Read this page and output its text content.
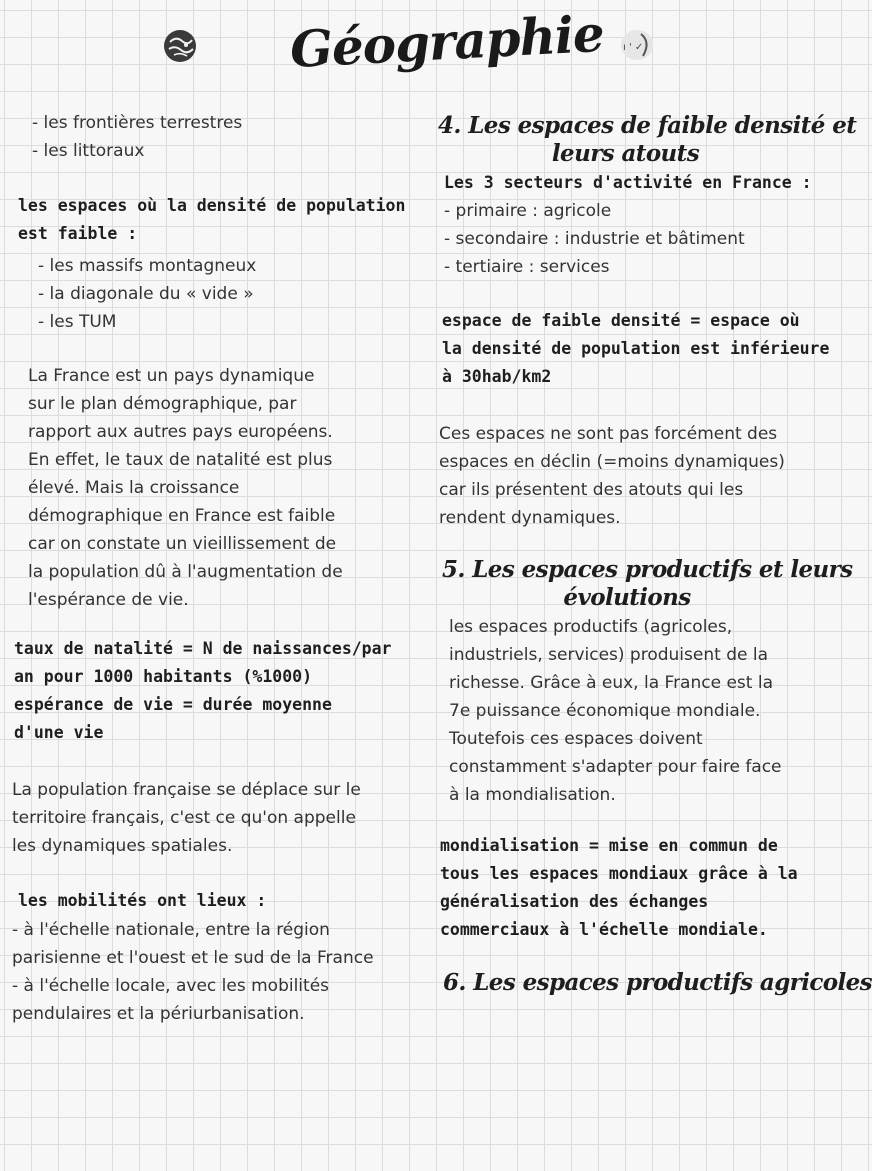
ı ' ✓
Géographie
- les frontières terrestres
- les littoraux
les espaces où la densité de population
est faible :
- les massifs montagneux
- la diagonale du « vide »
- les TUM
La France est un pays dynamique
sur le plan démographique, par
rapport aux autres pays européens.
En effet, le taux de natalité est plus
élevé. Mais la croissance
démographique en France est faible
car on constate un vieillissement de
la population dû à l'augmentation de
l'espérance de vie.
taux de natalité = N de naissances/par
an pour 1000 habitants (%1000)
espérance de vie = durée moyenne
d'une vie
La population française se déplace sur le
territoire français, c'est ce qu'on appelle
les dynamiques spatiales.
les mobilités ont lieux :
- à l'échelle nationale, entre la région
parisienne et l'ouest et le sud de la France
- à l'échelle locale, avec les mobilités
pendulaires et la périurbanisation.
4. Les espaces de faible densité et
leurs atouts
Les 3 secteurs d'activité en France :
- primaire : agricole
- secondaire : industrie et bâtiment
- tertiaire : services
espace de faible densité = espace où
la densité de population est inférieure
à 30hab/km2
Ces espaces ne sont pas forcément des
espaces en déclin (=moins dynamiques)
car ils présentent des atouts qui les
rendent dynamiques.
5. Les espaces productifs et leurs
évolutions
les espaces productifs (agricoles,
industriels, services) produisent de la
richesse. Grâce à eux, la France est la
7e puissance économique mondiale.
Toutefois ces espaces doivent
constamment s'adapter pour faire face
à la mondialisation.
mondialisation = mise en commun de
tous les espaces mondiaux grâce à la
généralisation des échanges
commerciaux à l'échelle mondiale.
6. Les espaces productifs agricoles
